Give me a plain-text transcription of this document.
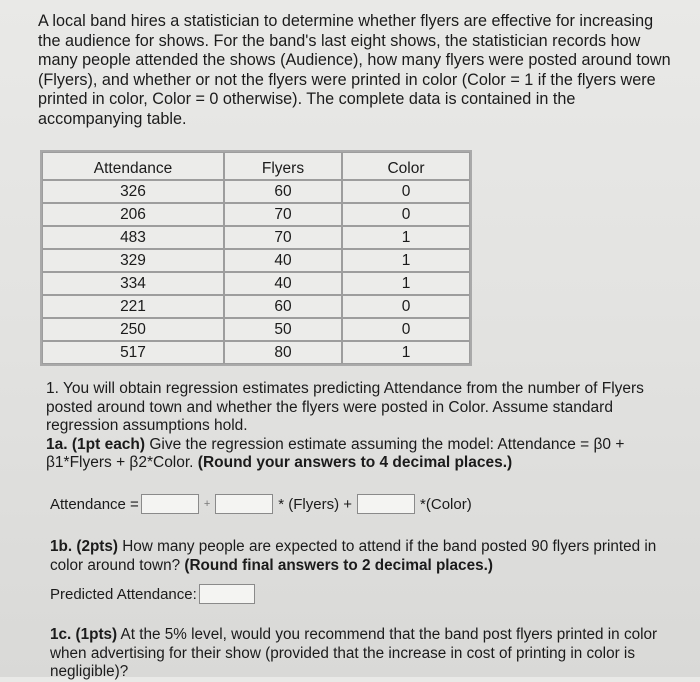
A local band hires a statistician to determine whether flyers are effective for increasing the audience for shows. For the band's last eight shows, the statistician records how many people attended the shows (Audience), how many flyers were posted around town (Flyers), and whether or not the flyers were printed in color (Color = 1 if the flyers were printed in color, Color = 0 otherwise). The complete data is contained in the accompanying table.

Attendance	Flyers	Color
326	60	0
206	70	0
483	70	1
329	40	1
334	40	1
221	60	0
250	50	0
517	80	1

1. You will obtain regression estimates predicting Attendance from the number of Flyers posted around town and whether the flyers were posted in Color. Assume standard regression assumptions hold.

1a. (1pt each) Give the regression estimate assuming the model: Attendance = β0 + β1*Flyers + β2*Color. (Round your answers to 4 decimal places.)

Attendance =	+	* (Flyers) +	*(Color)

1b. (2pts) How many people are expected to attend if the band posted 90 flyers printed in color around town? (Round final answers to 2 decimal places.)

Predicted Attendance:

1c. (1pts) At the 5% level, would you recommend that the band post flyers printed in color when advertising for their show (provided that the increase in cost of printing in color is negligible)?
